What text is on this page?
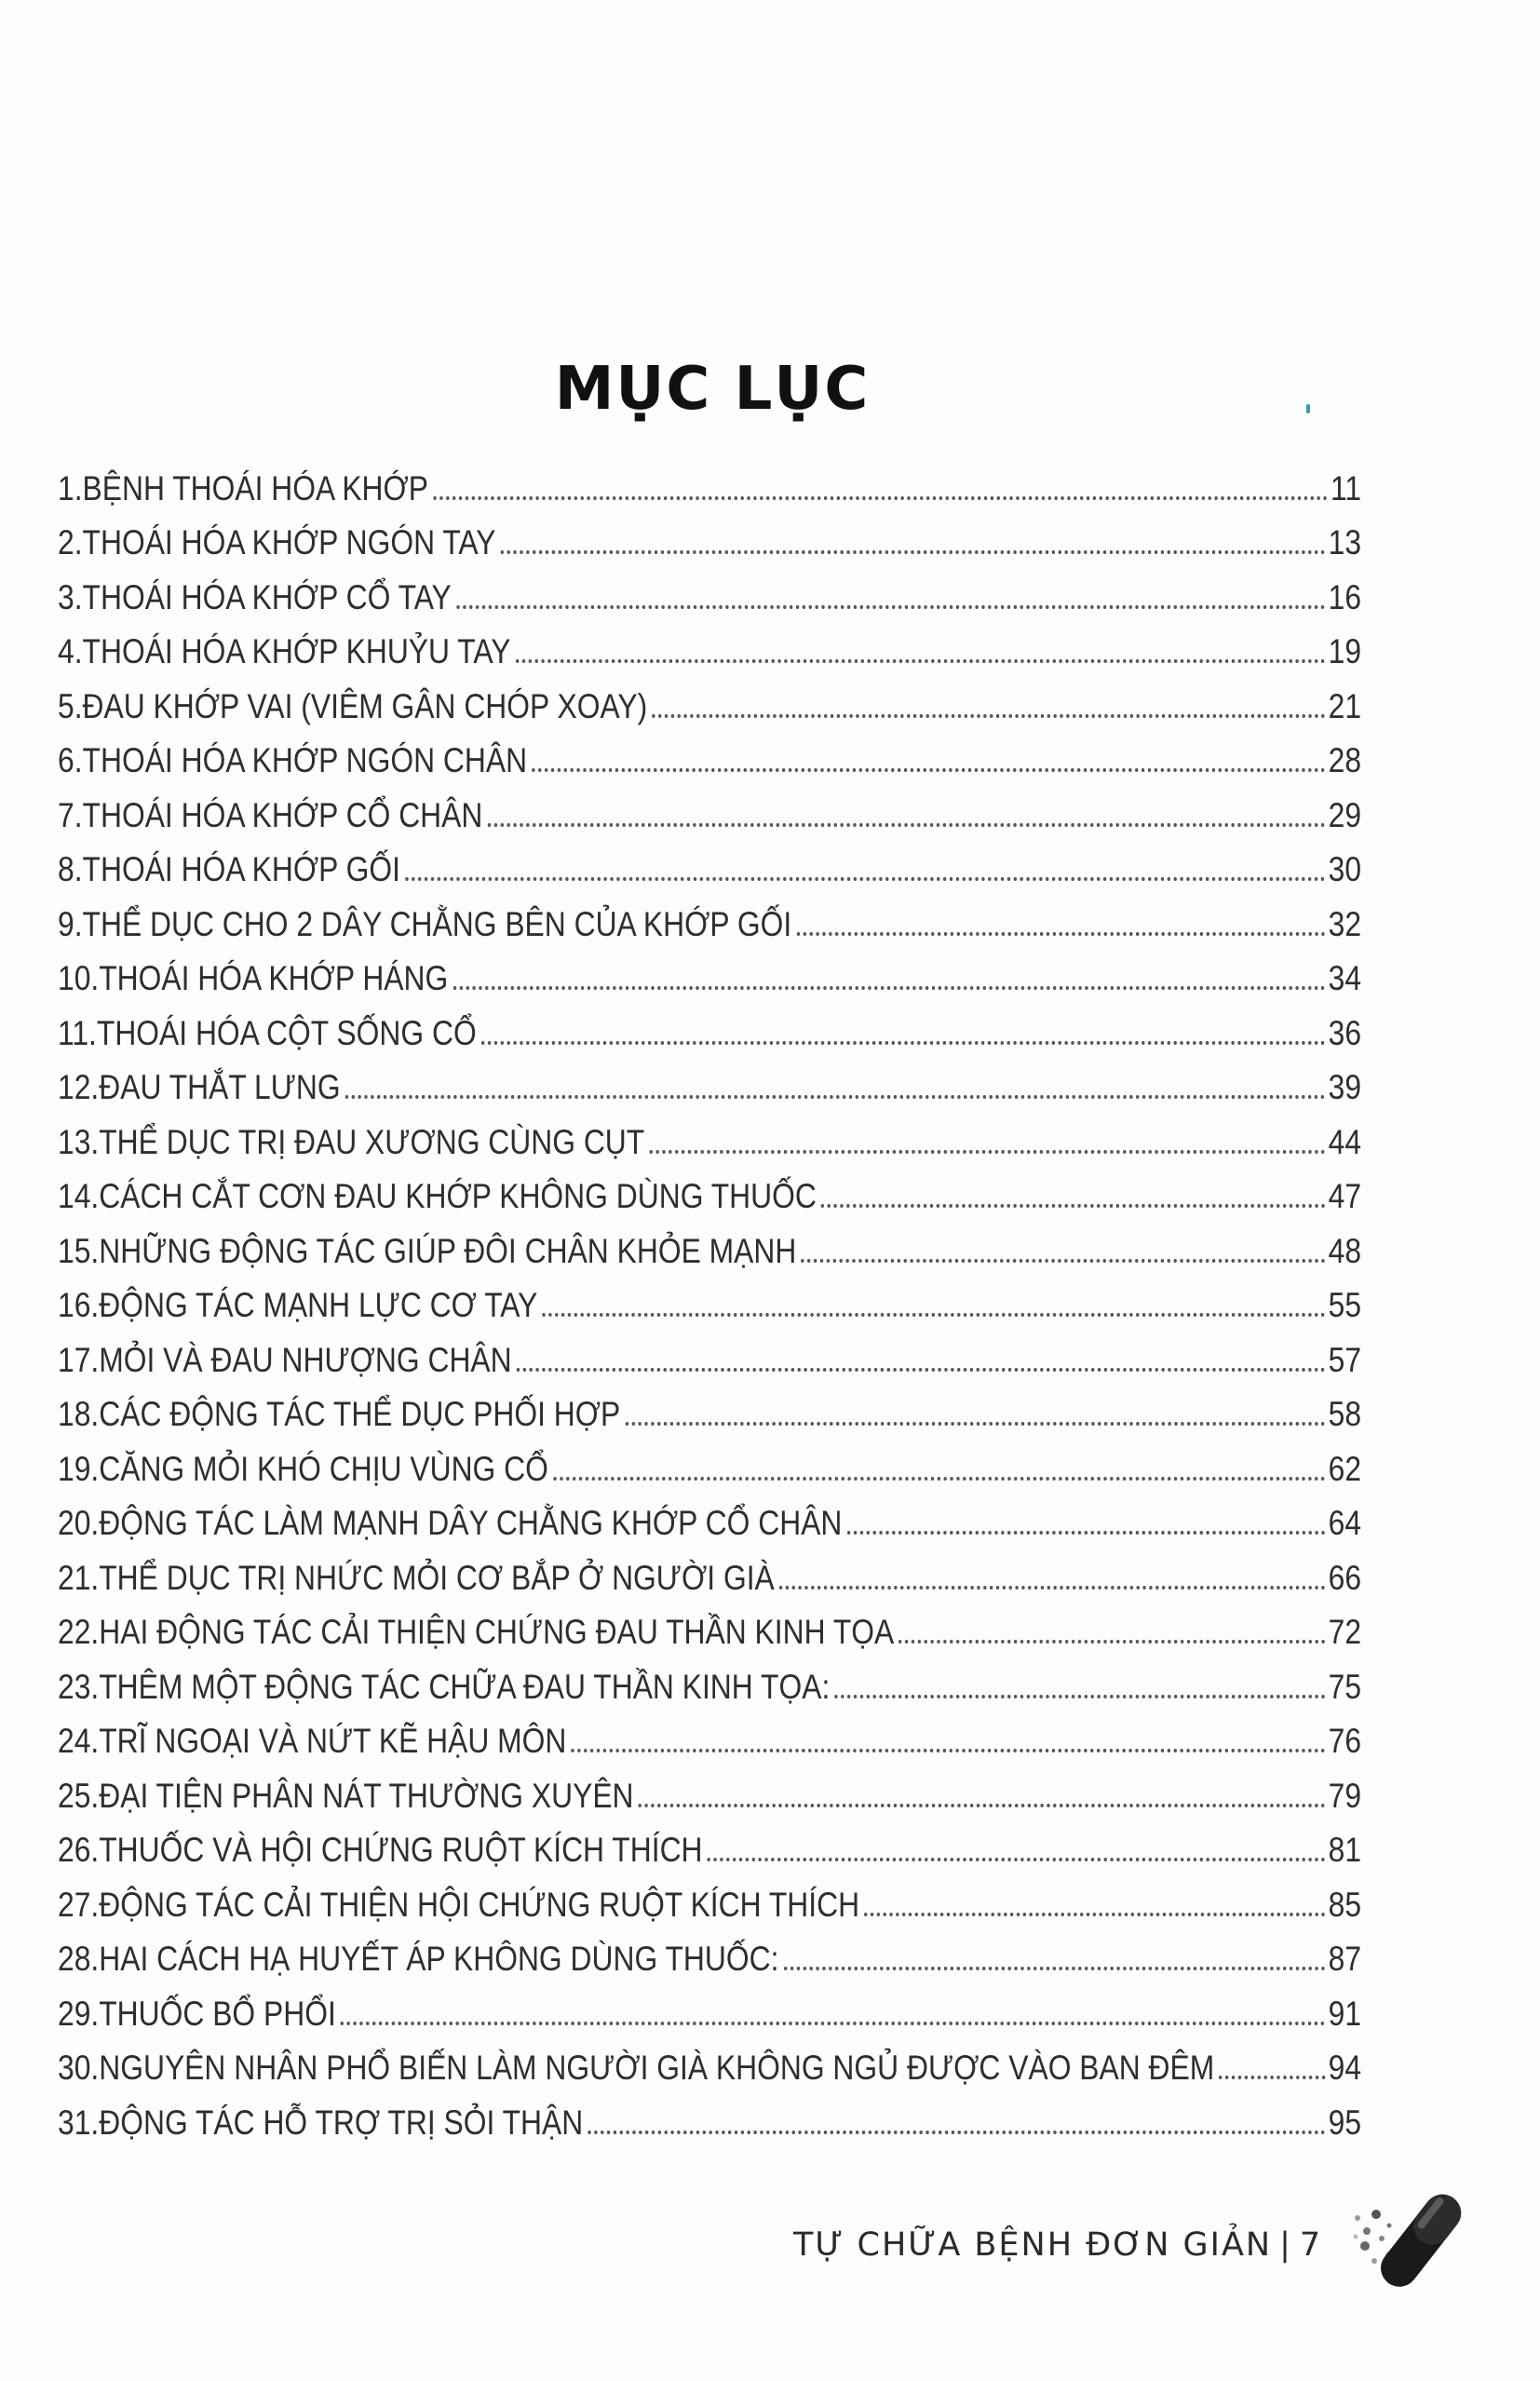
MỤC LỤC
1. BỆNH THOÁI HÓA KHỚP	11
2. THOÁI HÓA KHỚP NGÓN TAY	13
3. THOÁI HÓA KHỚP CỔ TAY	16
4. THOÁI HÓA KHỚP KHUỶU TAY	19
5. ĐAU KHỚP VAI (VIÊM GÂN CHÓP XOAY)	21
6. THOÁI HÓA KHỚP NGÓN CHÂN	28
7. THOÁI HÓA KHỚP CỔ CHÂN	29
8. THOÁI HÓA KHỚP GỐI	30
9. THỂ DỤC CHO 2 DÂY CHẰNG BÊN CỦA KHỚP GỐI	32
10. THOÁI HÓA KHỚP HÁNG	34
11. THOÁI HÓA CỘT SỐNG CỔ	36
12. ĐAU THẮT LƯNG	39
13. THỂ DỤC TRỊ ĐAU XƯƠNG CÙNG CỤT	44
14. CÁCH CẮT CƠN ĐAU KHỚP KHÔNG DÙNG THUỐC	47
15. NHỮNG ĐỘNG TÁC GIÚP ĐÔI CHÂN KHỎE MẠNH	48
16. ĐỘNG TÁC MẠNH LỰC CƠ TAY	55
17. MỎI VÀ ĐAU NHƯỢNG CHÂN	57
18. CÁC ĐỘNG TÁC THỂ DỤC PHỐI HỢP	58
19. CĂNG MỎI KHÓ CHỊU VÙNG CỔ	62
20. ĐỘNG TÁC LÀM MẠNH DÂY CHẰNG KHỚP CỔ CHÂN	64
21. THỂ DỤC TRỊ NHỨC MỎI CƠ BẮP Ở NGƯỜI GIÀ	66
22. HAI ĐỘNG TÁC CẢI THIỆN CHỨNG ĐAU THẦN KINH TỌA	72
23. THÊM MỘT ĐỘNG TÁC CHỮA ĐAU THẦN KINH TỌA:	75
24. TRĨ NGOẠI VÀ NỨT KẼ HẬU MÔN	76
25. ĐẠI TIỆN PHÂN NÁT THƯỜNG XUYÊN	79
26. THUỐC VÀ HỘI CHỨNG RUỘT KÍCH THÍCH	81
27. ĐỘNG TÁC CẢI THIỆN HỘI CHỨNG RUỘT KÍCH THÍCH	85
28. HAI CÁCH HẠ HUYẾT ÁP KHÔNG DÙNG THUỐC:	87
29. THUỐC BỔ PHỔI	91
30. NGUYÊN NHÂN PHỔ BIẾN LÀM NGƯỜI GIÀ KHÔNG NGỦ ĐƯỢC VÀO BAN ĐÊM	94
31. ĐỘNG TÁC HỖ TRỢ TRỊ SỎI THẬN	95
TỰ CHỮA BỆNH ĐƠN GIẢN | 7
